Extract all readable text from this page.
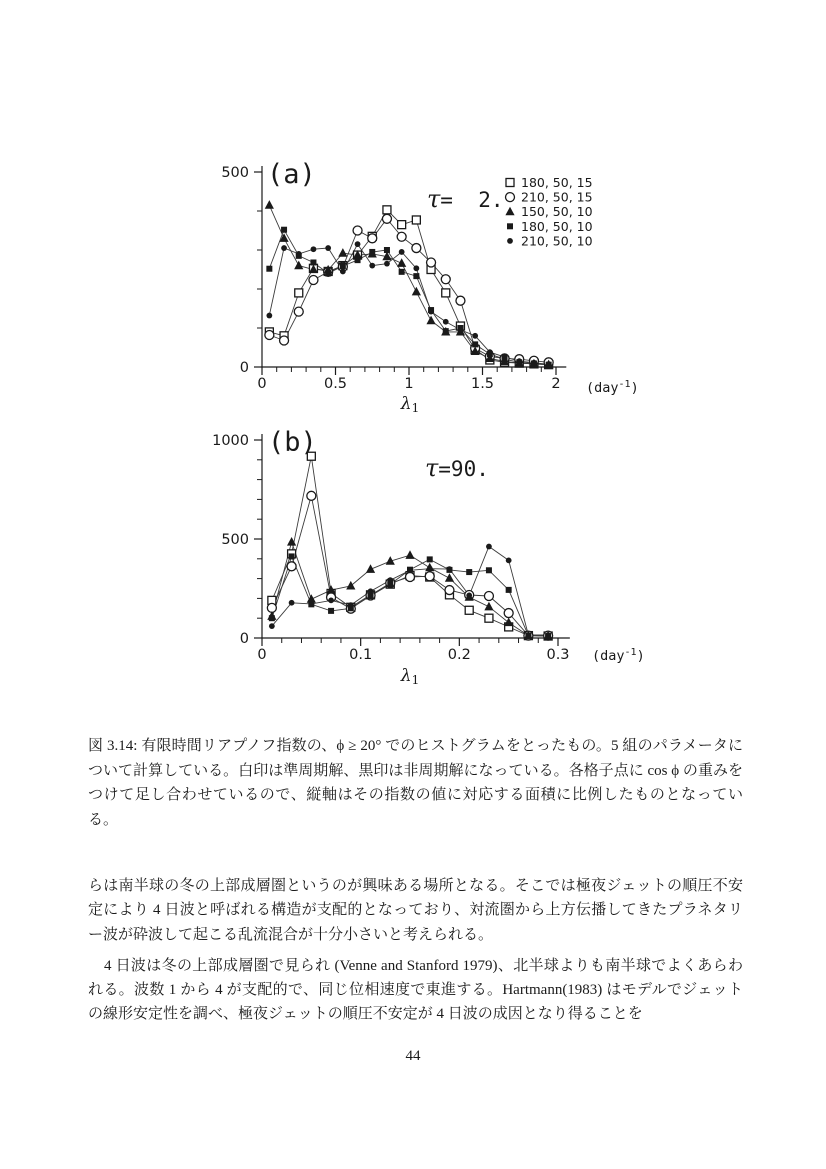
0
500
0	0.5	1	1.5	2
(a)
τ=  2.
180, 50, 15
210, 50, 15
150, 50, 10
180, 50, 10
210, 50, 10
λ1
(day$^{-1}_)$
0
500
1000
0	0.1	0.2	0.3
(b)
τ=90.
λ1
(day$^{-1}_)$
図 3.14: 有限時間リアプノフ指数の、ϕ ≥ 20° でのヒストグラムをとったもの。5 組のパラメータについて計算している。白印は準周期解、黒印は非周期解になっている。各格子点に cos ϕ の重みをつけて足し合わせているので、縦軸はその指数の値に対応する面積に比例したものとなっている。

らは南半球の冬の上部成層圏というのが興味ある場所となる。そこでは極夜ジェットの順圧不安定により 4 日波と呼ばれる構造が支配的となっており、対流圏から上方伝播してきたプラネタリー波が砕波して起こる乱流混合が十分小さいと考えられる。

4 日波は冬の上部成層圏で見られ (Venne and Stanford 1979)、北半球よりも南半球でよくあらわれる。波数 1 から 4 が支配的で、同じ位相速度で東進する。Hartmann(1983) はモデルでジェットの線形安定性を調べ、極夜ジェットの順圧不安定が 4 日波の成因となり得ることを

44
